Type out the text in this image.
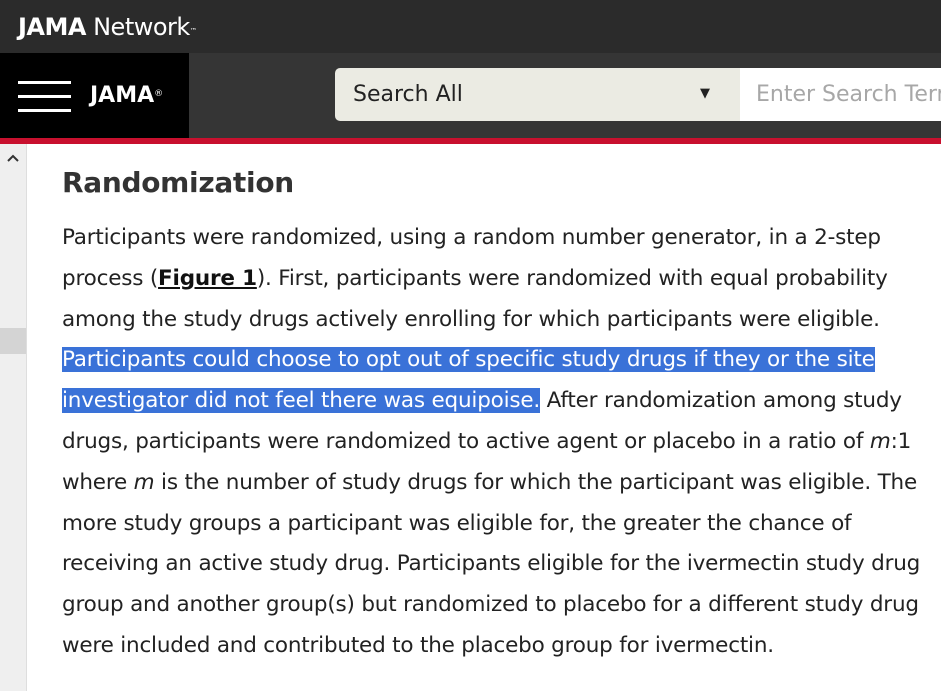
JAMA Network™
JAMA®	Search All	▼
Enter Search Term
Randomization

Participants were randomized, using a random number generator, in a 2-step process (Figure 1). First, participants were randomized with equal probability among the study drugs actively enrolling for which participants were eligible. Participants could choose to opt out of specific study drugs if they or the site investigator did not feel there was equipoise. After randomization among study drugs, participants were randomized to active agent or placebo in a ratio of m:1 where m is the number of study drugs for which the participant was eligible. The more study groups a participant was eligible for, the greater the chance of receiving an active study drug. Participants eligible for the ivermectin study drug group and another group(s) but randomized to placebo for a different study drug were included and contributed to the placebo group for ivermectin.
